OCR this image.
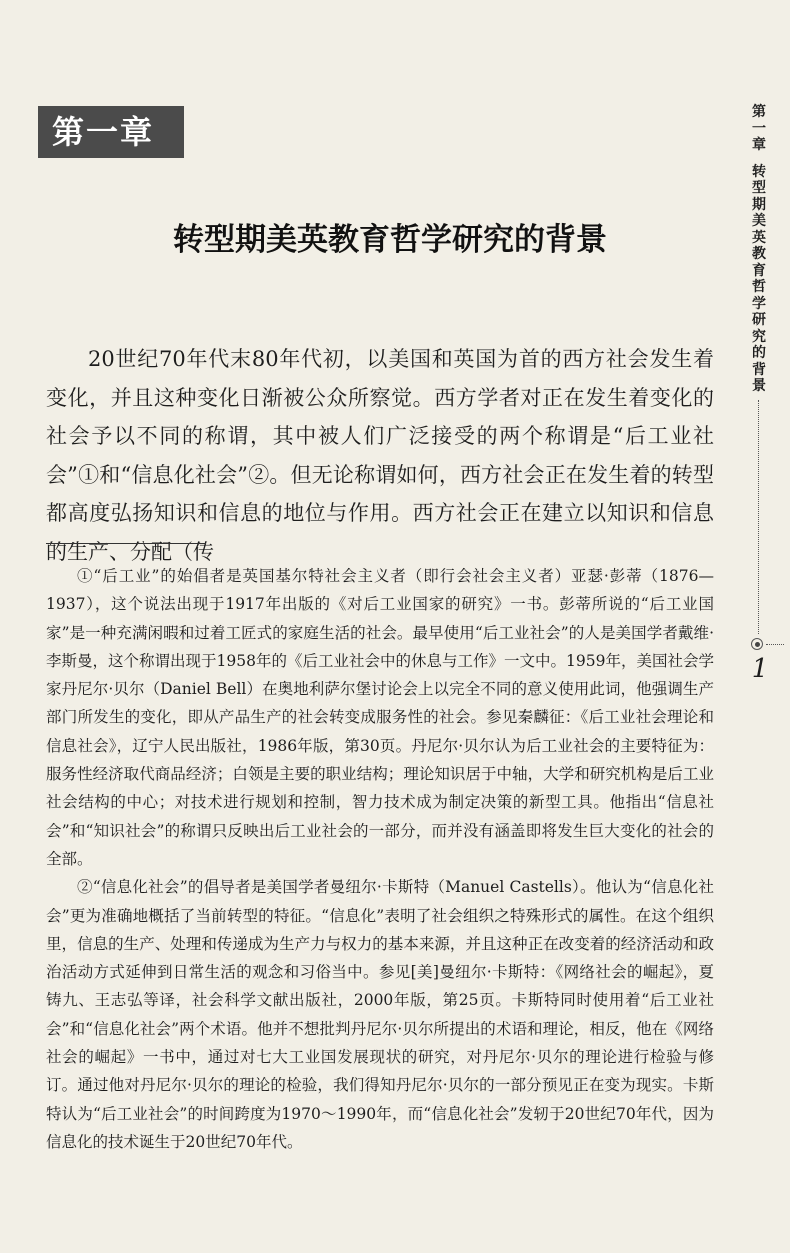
第一章
转型期美英教育哲学研究的背景

20世纪70年代末80年代初，以美国和英国为首的西方社会发生着变化，并且这种变化日渐被公众所察觉。西方学者对正在发生着变化的社会予以不同的称谓，其中被人们广泛接受的两个称谓是“后工业社会”①和“信息化社会”②。但无论称谓如何，西方社会正在发生着的转型都高度弘扬知识和信息的地位与作用。西方社会正在建立以知识和信息的生产、分配（传

①“后工业”的始倡者是英国基尔特社会主义者（即行会社会主义者）亚瑟·彭蒂（1876—1937），这个说法出现于1917年出版的《对后工业国家的研究》一书。彭蒂所说的“后工业国家”是一种充满闲暇和过着工匠式的家庭生活的社会。最早使用“后工业社会”的人是美国学者戴维·李斯曼，这个称谓出现于1958年的《后工业社会中的休息与工作》一文中。1959年，美国社会学家丹尼尔·贝尔（Daniel Bell）在奥地利萨尔堡讨论会上以完全不同的意义使用此词，他强调生产部门所发生的变化，即从产品生产的社会转变成服务性的社会。参见秦麟征：《后工业社会理论和信息社会》，辽宁人民出版社，1986年版，第30页。丹尼尔·贝尔认为后工业社会的主要特征为：服务性经济取代商品经济；白领是主要的职业结构；理论知识居于中轴，大学和研究机构是后工业社会结构的中心；对技术进行规划和控制，智力技术成为制定决策的新型工具。他指出“信息社会”和“知识社会”的称谓只反映出后工业社会的一部分，而并没有涵盖即将发生巨大变化的社会的全部。

②“信息化社会”的倡导者是美国学者曼纽尔·卡斯特（Manuel Castells）。他认为“信息化社会”更为准确地概括了当前转型的特征。“信息化”表明了社会组织之特殊形式的属性。在这个组织里，信息的生产、处理和传递成为生产力与权力的基本来源，并且这种正在改变着的经济活动和政治活动方式延伸到日常生活的观念和习俗当中。参见[美]曼纽尔·卡斯特：《网络社会的崛起》，夏铸九、王志弘等译，社会科学文献出版社，2000年版，第25页。卡斯特同时使用着“后工业社会”和“信息化社会”两个术语。他并不想批判丹尼尔·贝尔所提出的术语和理论，相反，他在《网络社会的崛起》一书中，通过对七大工业国发展现状的研究，对丹尼尔·贝尔的理论进行检验与修订。通过他对丹尼尔·贝尔的理论的检验，我们得知丹尼尔·贝尔的一部分预见正在变为现实。卡斯特认为“后工业社会”的时间跨度为1970～1990年，而“信息化社会”发轫于20世纪70年代，因为信息化的技术诞生于20世纪70年代。

第
一
章
转
型
期
美
英
教
育
哲
学
研
究
的
背
景
1
